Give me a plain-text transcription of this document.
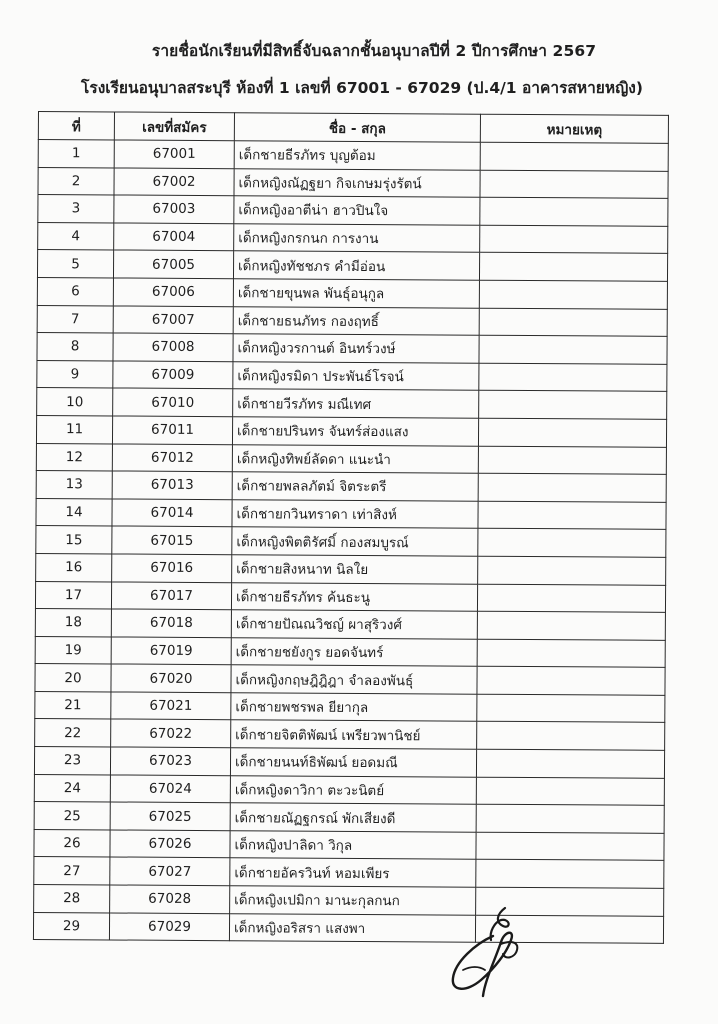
รายชื่อนักเรียนที่มีสิทธิ์จับฉลากชั้นอนุบาลปีที่ 2 ปีการศึกษา 2567
โรงเรียนอนุบาลสระบุรี ห้องที่ 1 เลขที่ 67001 - 67029 (ป.4/1 อาคารสหายหญิง)
ที่	เลขที่สมัคร	ชื่อ - สกุล	หมายเหตุ
1	67001	เด็กชายธีรภัทร บุญต้อม	
2	67002	เด็กหญิงณัฏฐยา กิจเกษมรุ่งรัตน์	
3	67003	เด็กหญิงอาตีน่า ฮาวปินใจ	
4	67004	เด็กหญิงกรกนก การงาน	
5	67005	เด็กหญิงทัชชภร คำมีอ่อน	
6	67006	เด็กชายขุนพล พันธุ์อนุกูล	
7	67007	เด็กชายธนภัทร กองฤทธิ์	
8	67008	เด็กหญิงวรกานต์ อินทร์วงษ์	
9	67009	เด็กหญิงรมิดา ประพันธ์โรจน์	
10	67010	เด็กชายวีรภัทร มณีเทศ	
11	67011	เด็กชายปรินทร จันทร์ส่องแสง	
12	67012	เด็กหญิงทิพย์ลัดดา แนะนำ	
13	67013	เด็กชายพลลภัตม์ จิตระตรี	
14	67014	เด็กชายกวินทราดา เท่าสิงห์	
15	67015	เด็กหญิงพิตติรัศมิ์ กองสมบูรณ์	
16	67016	เด็กชายสิงหนาท นิลใย	
17	67017	เด็กชายธีรภัทร ค้นธะนู	
18	67018	เด็กชายปัณณวิชญ์ ผาสุริวงศ์	
19	67019	เด็กชายชยังกูร ยอดจันทร์	
20	67020	เด็กหญิงกฤษฎิฎิฎา จำลองพันธุ์	
21	67021	เด็กชายพชรพล ยียากุล	
22	67022	เด็กชายจิตติพัฒน์ เพรียวพานิชย์	
23	67023	เด็กชายนนท์ธิพัฒน์ ยอดมณี	
24	67024	เด็กหญิงดาวิกา ตะวะนิตย์	
25	67025	เด็กชายณัฏฐกรณ์ พักเสียงดี	
26	67026	เด็กหญิงปาลิดา วิกุล	
27	67027	เด็กชายอัครวินท์ หอมเพียร	
28	67028	เด็กหญิงเปมิกา มานะกุลกนก	
29	67029	เด็กหญิงอริสรา แสงพา	
